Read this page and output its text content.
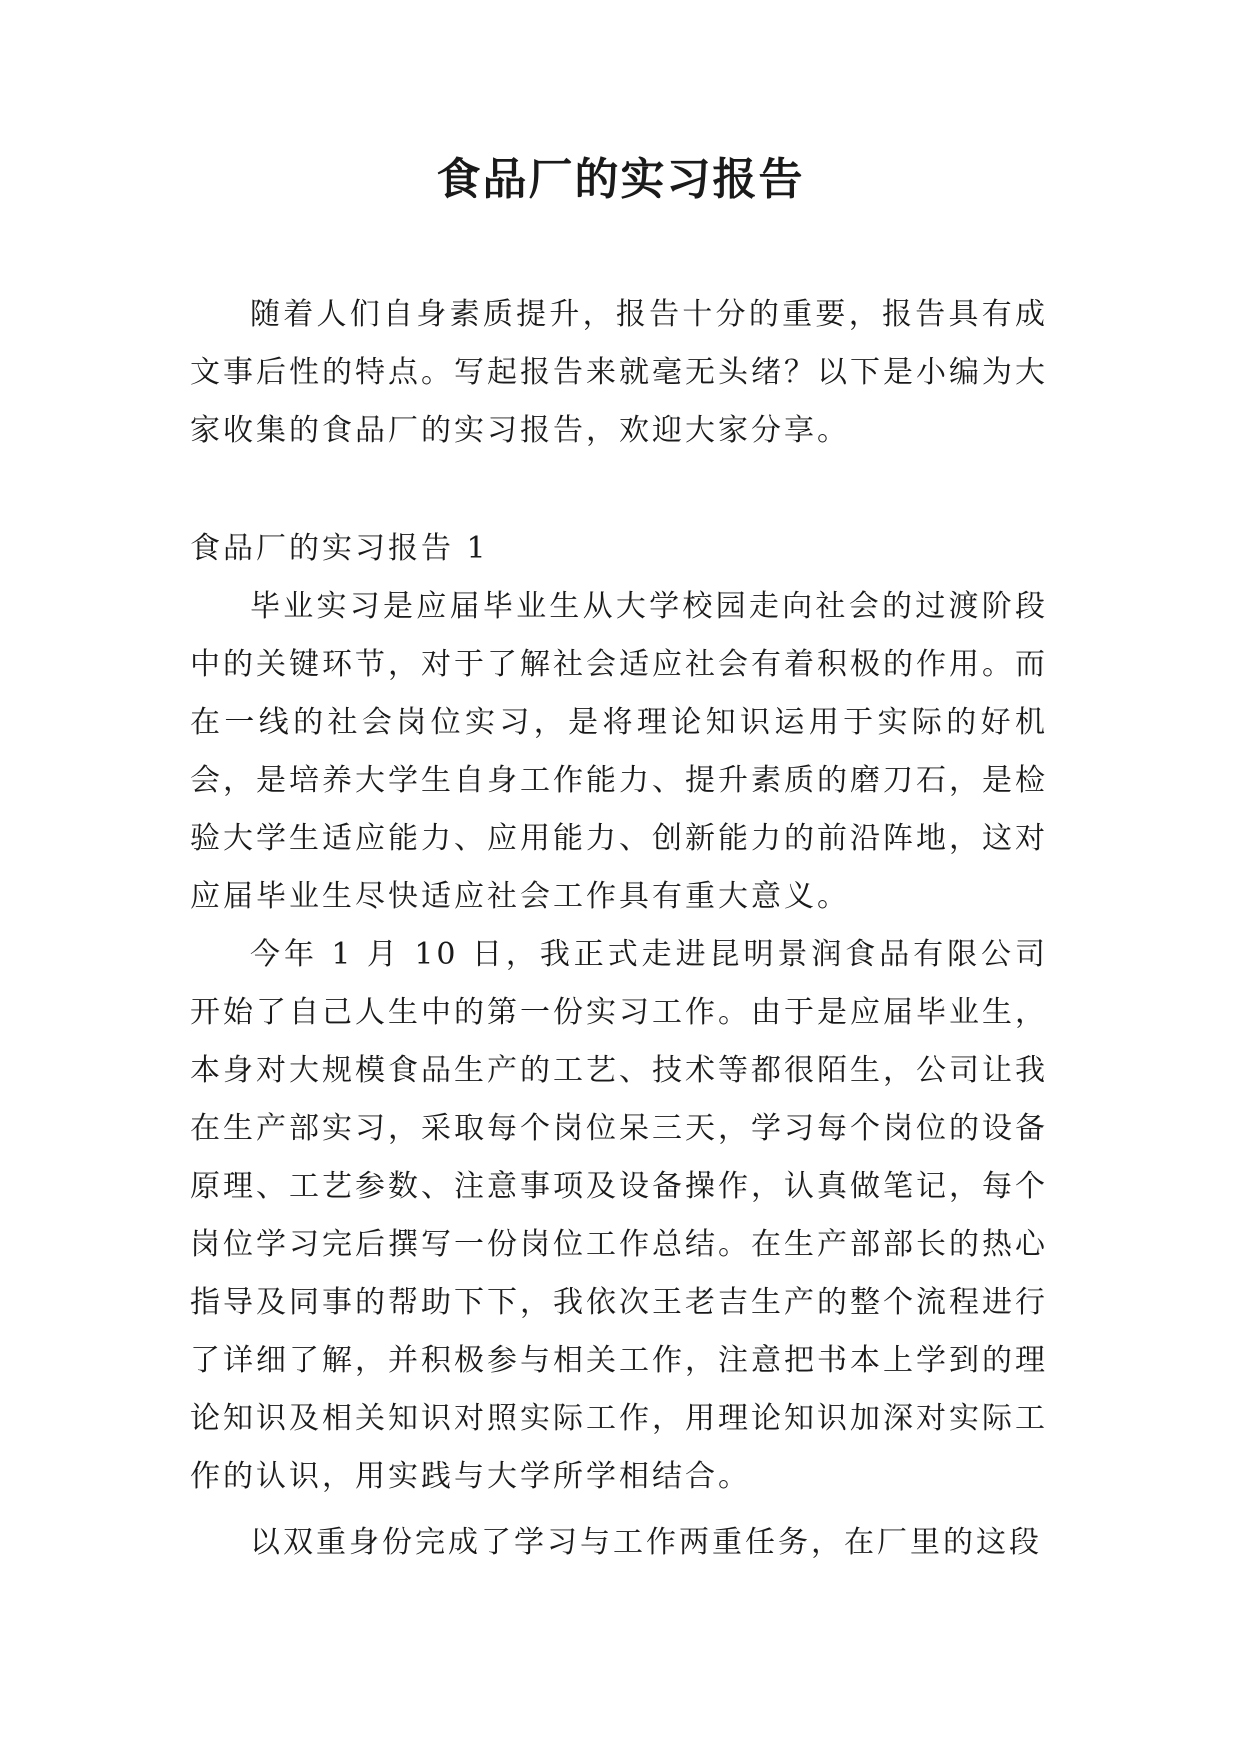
食品厂的实习报告

随着人们自身素质提升，报告十分的重要，报告具有成文事后性的特点。写起报告来就毫无头绪？以下是小编为大家收集的食品厂的实习报告，欢迎大家分享。

食品厂的实习报告 1

毕业实习是应届毕业生从大学校园走向社会的过渡阶段中的关键环节，对于了解社会适应社会有着积极的作用。而在一线的社会岗位实习，是将理论知识运用于实际的好机会，是培养大学生自身工作能力、提升素质的磨刀石，是检验大学生适应能力、应用能力、创新能力的前沿阵地，这对应届毕业生尽快适应社会工作具有重大意义。

今年 1 月 10 日，我正式走进昆明景润食品有限公司开始了自己人生中的第一份实习工作。由于是应届毕业生，本身对大规模食品生产的工艺、技术等都很陌生，公司让我在生产部实习，采取每个岗位呆三天，学习每个岗位的设备原理、工艺参数、注意事项及设备操作，认真做笔记，每个岗位学习完后撰写一份岗位工作总结。在生产部部长的热心指导及同事的帮助下下，我依次王老吉生产的整个流程进行了详细了解，并积极参与相关工作，注意把书本上学到的理论知识及相关知识对照实际工作，用理论知识加深对实际工作的认识，用实践与大学所学相结合。

以双重身份完成了学习与工作两重任务，在厂里的这段
